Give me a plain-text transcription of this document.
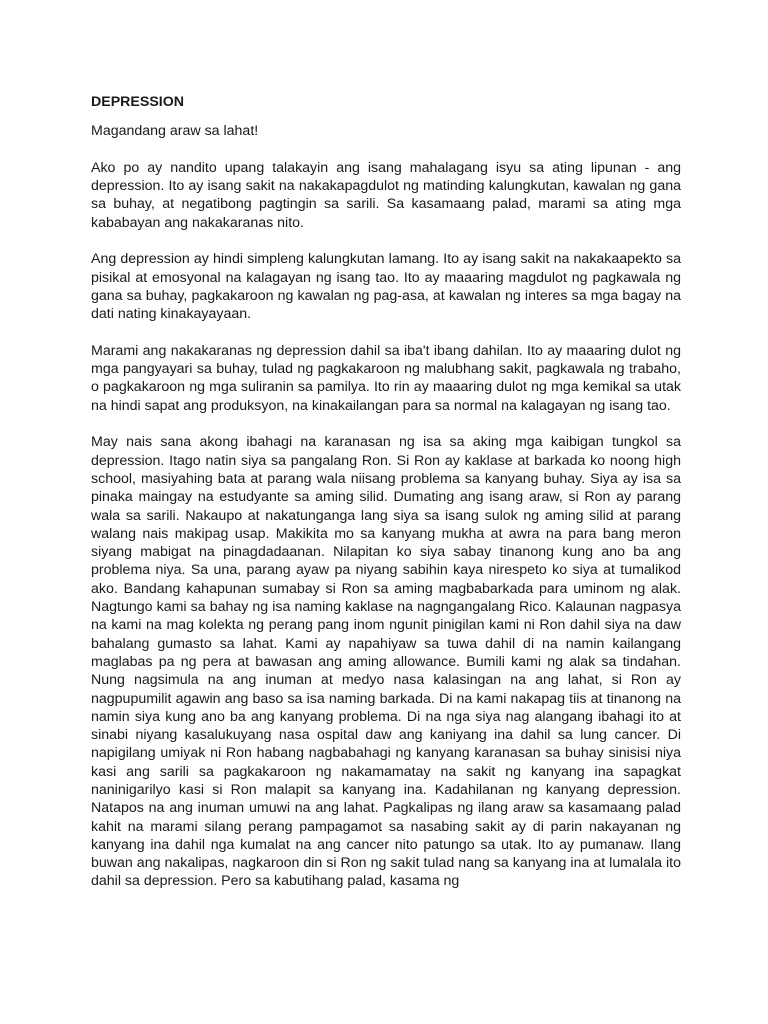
DEPRESSION
Magandang araw sa lahat!

Ako po ay nandito upang talakayin ang isang mahalagang isyu sa ating lipunan - ang depression. Ito ay isang sakit na nakakapagdulot ng matinding kalungkutan, kawalan ng gana sa buhay, at negatibong pagtingin sa sarili. Sa kasamaang palad, marami sa ating mga kababayan ang nakakaranas nito.

Ang depression ay hindi simpleng kalungkutan lamang. Ito ay isang sakit na nakakaapekto sa pisikal at emosyonal na kalagayan ng isang tao. Ito ay maaaring magdulot ng pagkawala ng gana sa buhay, pagkakaroon ng kawalan ng pag-asa, at kawalan ng interes sa mga bagay na dati nating kinakayayaan.

Marami ang nakakaranas ng depression dahil sa iba't ibang dahilan. Ito ay maaaring dulot ng mga pangyayari sa buhay, tulad ng pagkakaroon ng malubhang sakit, pagkawala ng trabaho, o pagkakaroon ng mga suliranin sa pamilya. Ito rin ay maaaring dulot ng mga kemikal sa utak na hindi sapat ang produksyon, na kinakailangan para sa normal na kalagayan ng isang tao.

May nais sana akong ibahagi na karanasan ng isa sa aking mga kaibigan tungkol sa depression. Itago natin siya sa pangalang Ron. Si Ron ay kaklase at barkada ko noong high school, masiyahing bata at parang wala niisang problema sa kanyang buhay. Siya ay isa sa pinaka maingay na estudyante sa aming silid. Dumating ang isang araw, si Ron ay parang wala sa sarili. Nakaupo at nakatunganga lang siya sa isang sulok ng aming silid at parang walang nais makipag usap. Makikita mo sa kanyang mukha at awra na para bang meron siyang mabigat na pinagdadaanan. Nilapitan ko siya sabay tinanong kung ano ba ang problema niya. Sa una, parang ayaw pa niyang sabihin kaya nirespeto ko siya at tumalikod ako. Bandang kahapunan sumabay si Ron sa aming magbabarkada para uminom ng alak. Nagtungo kami sa bahay ng isa naming kaklase na nagngangalang Rico. Kalaunan nagpasya na kami na mag kolekta ng perang pang inom ngunit pinigilan kami ni Ron dahil siya na daw bahalang gumasto sa lahat. Kami ay napahiyaw sa tuwa dahil di na namin kailangang maglabas pa ng pera at bawasan ang aming allowance. Bumili kami ng alak sa tindahan. Nung nagsimula na ang inuman at medyo nasa kalasingan na ang lahat, si Ron ay nagpupumilit agawin ang baso sa isa naming barkada. Di na kami nakapag tiis at tinanong na namin siya kung ano ba ang kanyang problema. Di na nga siya nag alangang ibahagi ito at sinabi niyang kasalukuyang nasa ospital daw ang kaniyang ina dahil sa lung cancer. Di napigilang umiyak ni Ron habang nagbabahagi ng kanyang karanasan sa buhay sinisisi niya kasi ang sarili sa pagkakaroon ng nakamamatay na sakit ng kanyang ina sapagkat naninigarilyo kasi si Ron malapit sa kanyang ina. Kadahilanan ng kanyang depression. Natapos na ang inuman umuwi na ang lahat. Pagkalipas ng ilang araw sa kasamaang palad kahit na marami silang perang pampagamot sa nasabing sakit ay di parin nakayanan ng kanyang ina dahil nga kumalat na ang cancer nito patungo sa utak. Ito ay pumanaw. Ilang buwan ang nakalipas, nagkaroon din si Ron ng sakit tulad nang sa kanyang ina at lumalala ito dahil sa depression. Pero sa kabutihang palad, kasama ng
